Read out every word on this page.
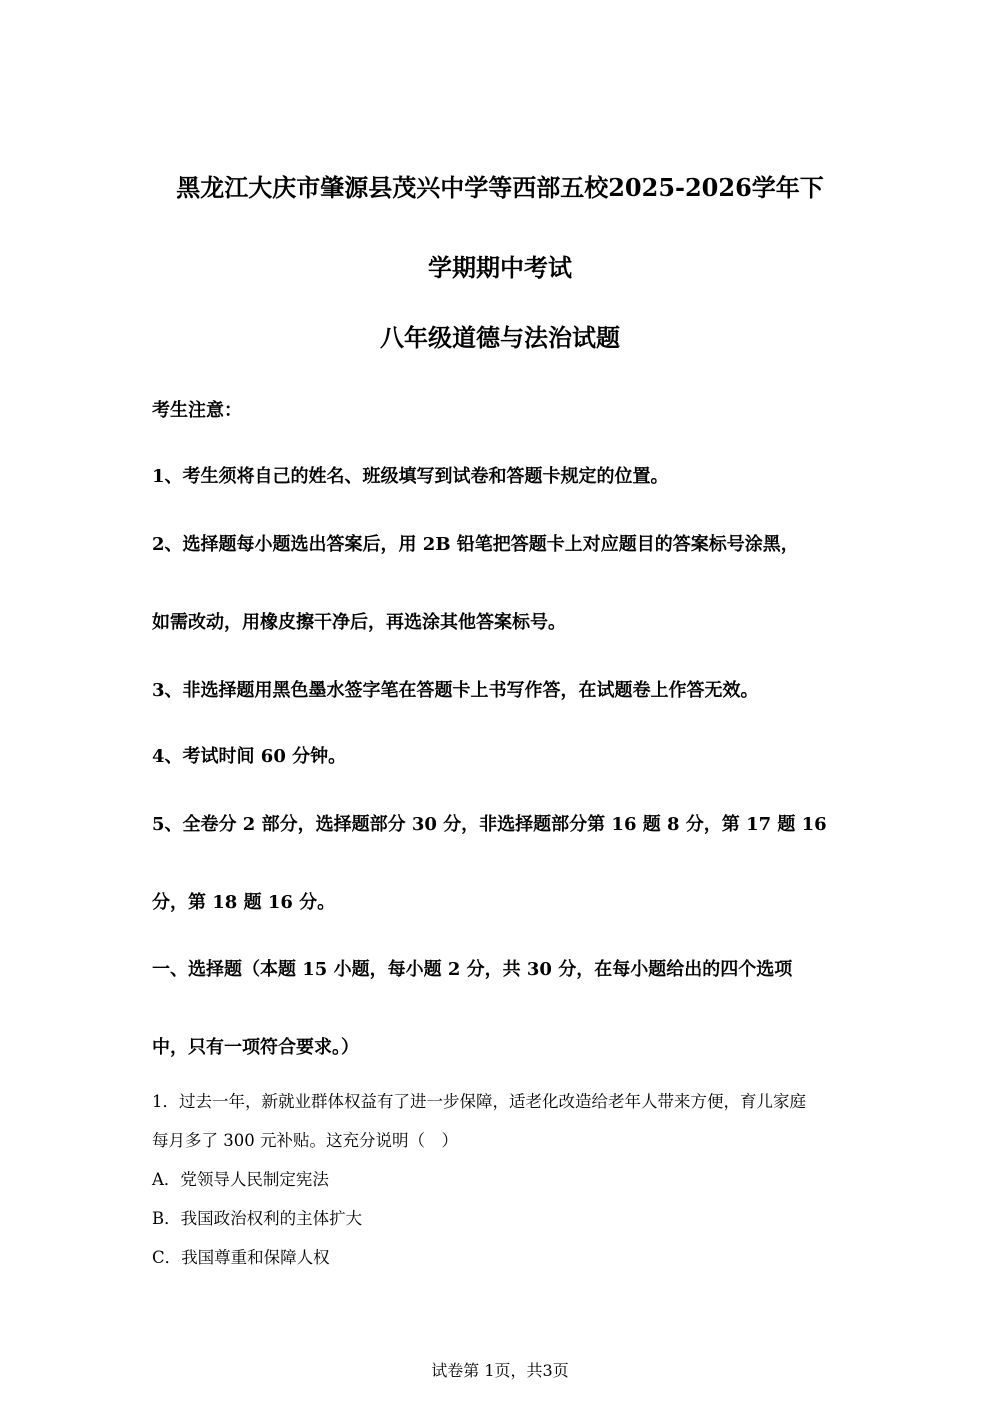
黑龙江大庆市肇源县茂兴中学等西部五校2025-2026学年下
学期期中考试
八年级道德与法治试题
考生注意：
1、考生须将自己的姓名、班级填写到试卷和答题卡规定的位置。
2、选择题每小题选出答案后，用 2B 铅笔把答题卡上对应题目的答案标号涂黑，
如需改动，用橡皮擦干净后，再选涂其他答案标号。
3、非选择题用黑色墨水签字笔在答题卡上书写作答，在试题卷上作答无效。
4、考试时间 60 分钟。
5、全卷分 2 部分，选择题部分 30 分，非选择题部分第 16 题 8 分，第 17 题 16
分，第 18 题 16 分。
一、选择题（本题 15 小题，每小题 2 分，共 30 分，在每小题给出的四个选项
中，只有一项符合要求。）
1．过去一年，新就业群体权益有了进一步保障，适老化改造给老年人带来方便，育儿家庭
每月多了 300 元补贴。这充分说明（　）
A．党领导人民制定宪法
B．我国政治权利的主体扩大
C．我国尊重和保障人权
试卷第 1页，共3页
